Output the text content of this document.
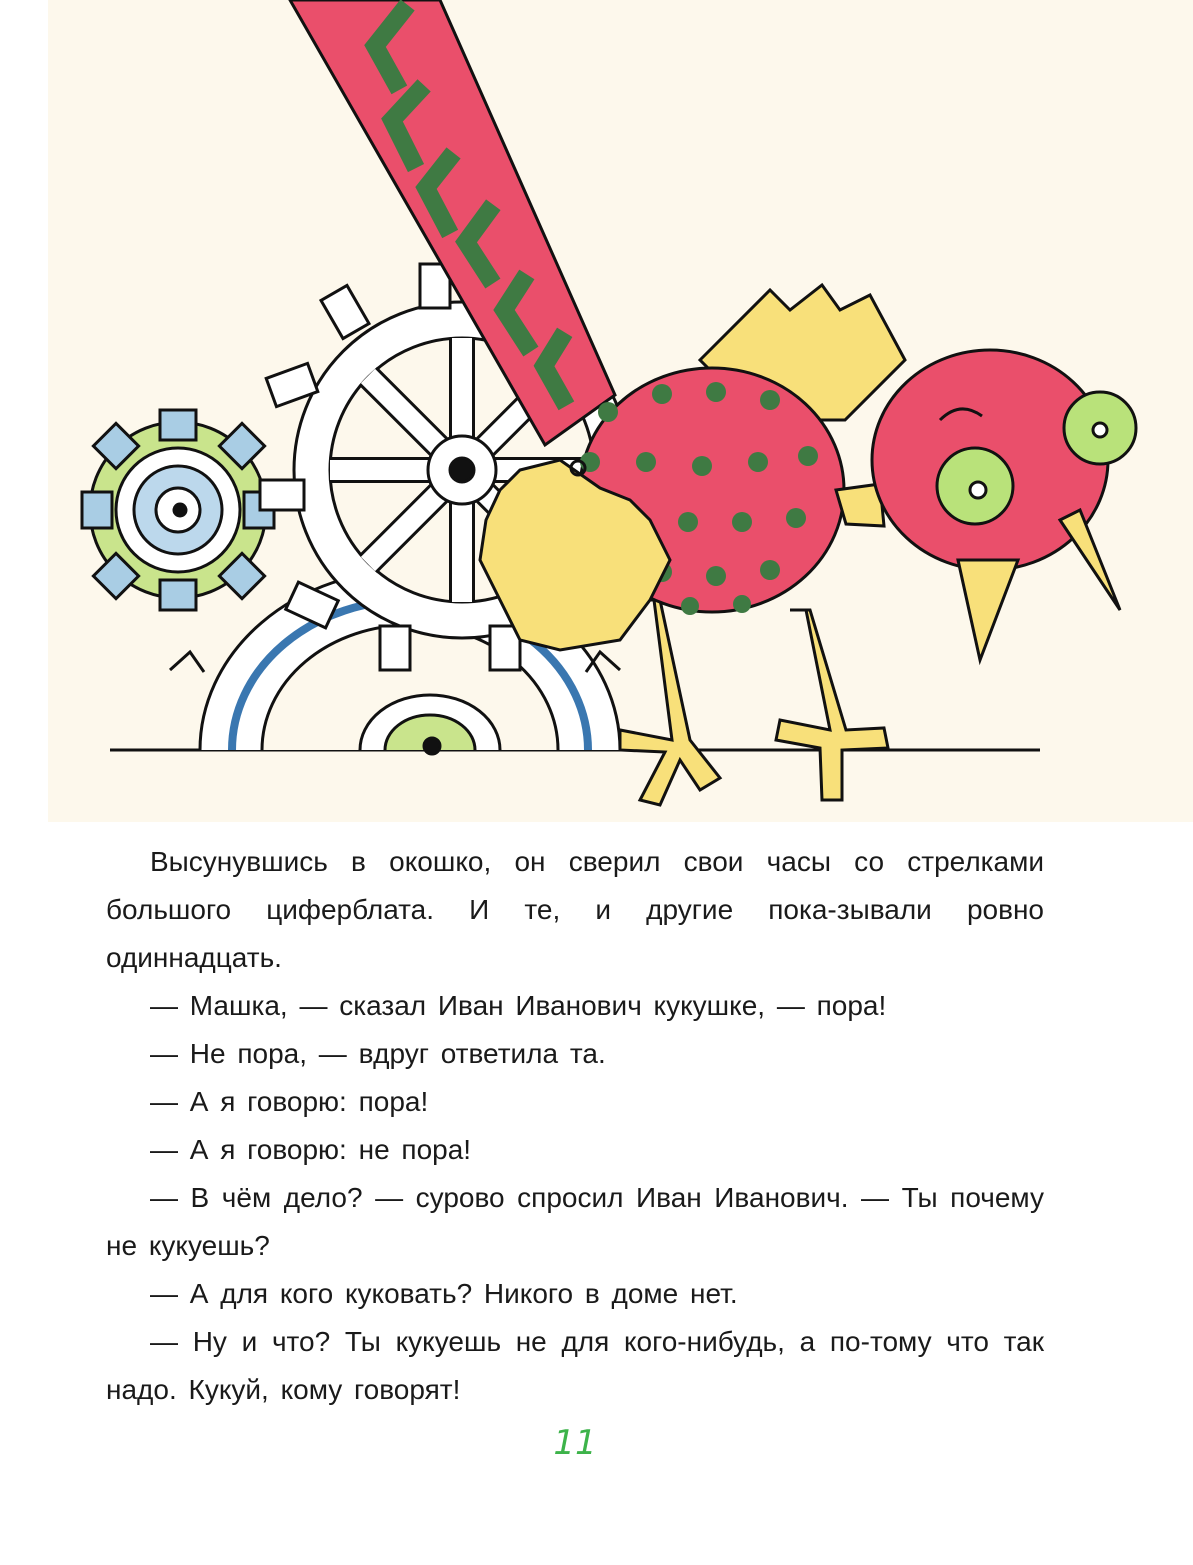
Высунувшись в окошко, он сверил свои часы со стрелками большого циферблата. И те, и другие пока-зывали ровно одиннадцать.

— Машка, — сказал Иван Иванович кукушке, — пора!

— Не пора, — вдруг ответила та.

— А я говорю: пора!

— А я говорю: не пора!

— В чём дело? — сурово спросил Иван Иванович. — Ты почему не кукуешь?

— А для кого куковать? Никого в доме нет.

— Ну и что? Ты кукуешь не для кого-нибудь, а по-тому что так надо. Кукуй, кому говорят!

11
